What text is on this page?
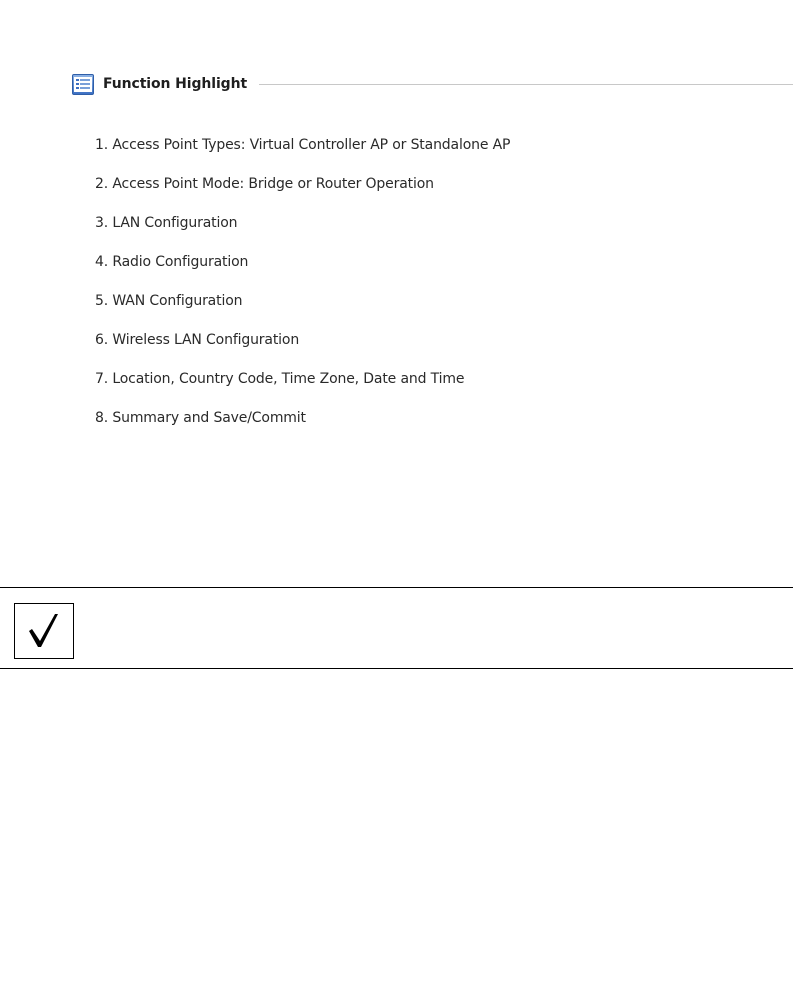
Function Highlight
1. Access Point Types: Virtual Controller AP or Standalone AP
2. Access Point Mode: Bridge or Router Operation
3. LAN Configuration
4. Radio Configuration
5. WAN Configuration
6. Wireless LAN Configuration
7. Location, Country Code, Time Zone, Date and Time
8. Summary and Save/Commit
